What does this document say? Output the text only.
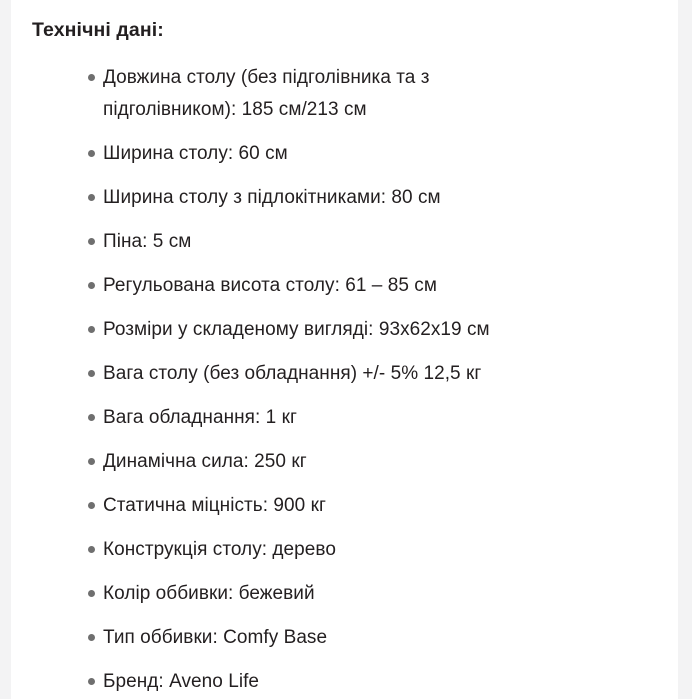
Технічні дані:
Довжина столу (без підголівника та з підголівником): 185 см/213 см
Ширина столу: 60 см
Ширина столу з підлокітниками: 80 см
Піна: 5 см
Регульована висота столу: 61 – 85 см
Розміри у складеному вигляді: 93х62х19 см
Вага столу (без обладнання) +/- 5% 12,5 кг
Вага обладнання: 1 кг
Динамічна сила: 250 кг
Статична міцність: 900 кг
Конструкція столу: дерево
Колір оббивки: бежевий
Тип оббивки: Comfy Base
Бренд: Aveno Life
